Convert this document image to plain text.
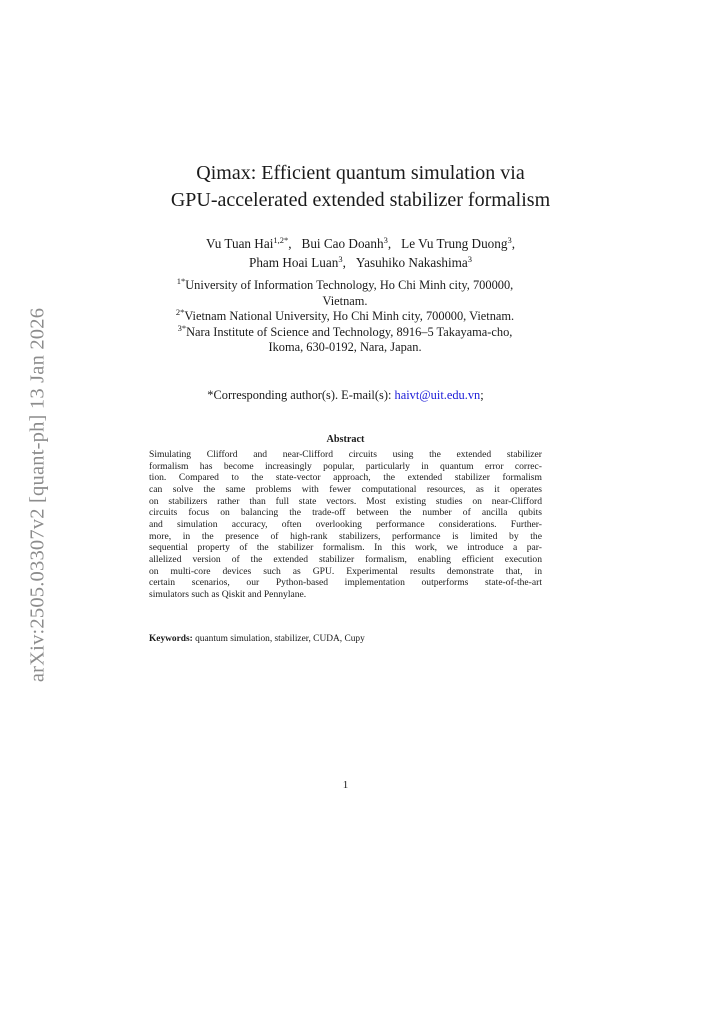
arXiv:2505.03307v2 [quant-ph] 13 Jan 2026
Qimax: Efficient quantum simulation via
GPU-accelerated extended stabilizer formalism
Vu Tuan Hai$^{1,2*}$, Bui Cao Doanh$^3$, Le Vu Trung Duong$^3$,
Pham Hoai Luan$^3$, Yasuhiko Nakashima$^3$
$^{1*}$University of Information Technology, Ho Chi Minh city, 700000,
Vietnam.
$^{2*}$Vietnam National University, Ho Chi Minh city, 700000, Vietnam.
$^{3*}$Nara Institute of Science and Technology, 8916–5 Takayama-cho,
Ikoma, 630-0192, Nara, Japan.
*Corresponding author(s). E-mail(s): haivt@uit.edu.vn;
Abstract
Simulating Clifford and near-Clifford circuits using the extended stabilizer
formalism has become increasingly popular, particularly in quantum error correc-
tion. Compared to the state-vector approach, the extended stabilizer formalism
can solve the same problems with fewer computational resources, as it operates
on stabilizers rather than full state vectors. Most existing studies on near-Clifford
circuits focus on balancing the trade-off between the number of ancilla qubits
and simulation accuracy, often overlooking performance considerations. Further-
more, in the presence of high-rank stabilizers, performance is limited by the
sequential property of the stabilizer formalism. In this work, we introduce a par-
allelized version of the extended stabilizer formalism, enabling efficient execution
on multi-core devices such as GPU. Experimental results demonstrate that, in
certain scenarios, our Python-based implementation outperforms state-of-the-art
simulators such as Qiskit and Pennylane.
Keywords: quantum simulation, stabilizer, CUDA, Cupy
1
